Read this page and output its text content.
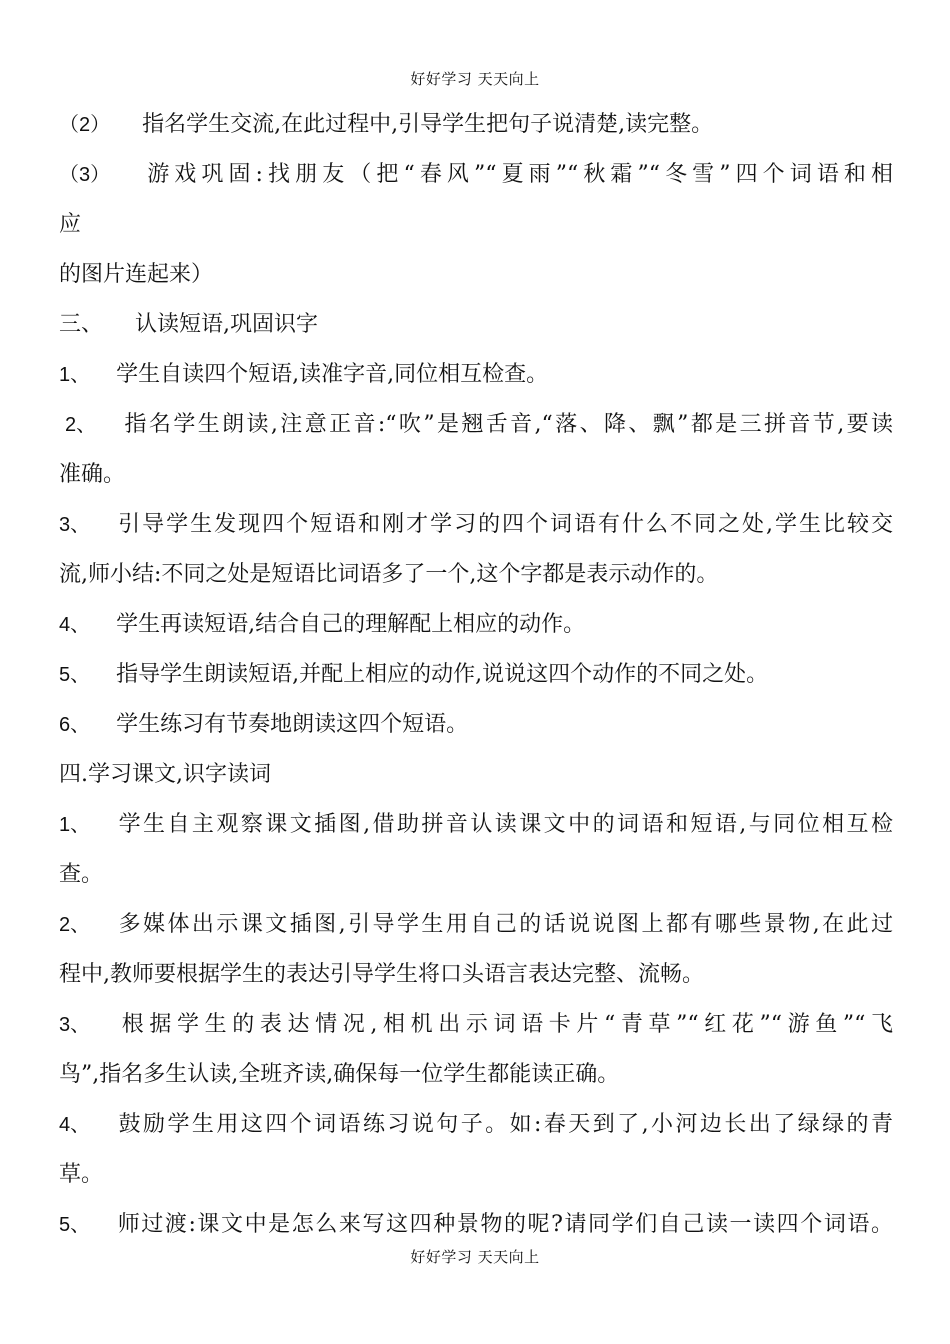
好好学习 天天向上
（2） 指名学生交流,在此过程中,引导学生把句子说清楚,读完整。
（3） 游戏巩固:找朋友（把“春风”“夏雨”“秋霜”“冬雪”四个词语和相
应
的图片连起来）
三、 认读短语,巩固识字
1、 学生自读四个短语,读准字音,同位相互检查。
2、 指名学生朗读,注意正音:“吹”是翘舌音,“落、降、飘”都是三拼音节,要读
准确。
3、 引导学生发现四个短语和刚才学习的四个词语有什么不同之处,学生比较交
流,师小结:不同之处是短语比词语多了一个,这个字都是表示动作的。
4、 学生再读短语,结合自己的理解配上相应的动作。
5、 指导学生朗读短语,并配上相应的动作,说说这四个动作的不同之处。
6、 学生练习有节奏地朗读这四个短语。
四.学习课文,识字读词
1、 学生自主观察课文插图,借助拼音认读课文中的词语和短语,与同位相互检
查。
2、 多媒体出示课文插图,引导学生用自己的话说说图上都有哪些景物,在此过
程中,教师要根据学生的表达引导学生将口头语言表达完整、流畅。
3、 根据学生的表达情况,相机出示词语卡片“青草”“红花”“游鱼”“飞
鸟”,指名多生认读,全班齐读,确保每一位学生都能读正确。
4、 鼓励学生用这四个词语练习说句子。如:春天到了,小河边长出了绿绿的青
草。
5、 师过渡:课文中是怎么来写这四种景物的呢?请同学们自己读一读四个词语。
好好学习 天天向上
